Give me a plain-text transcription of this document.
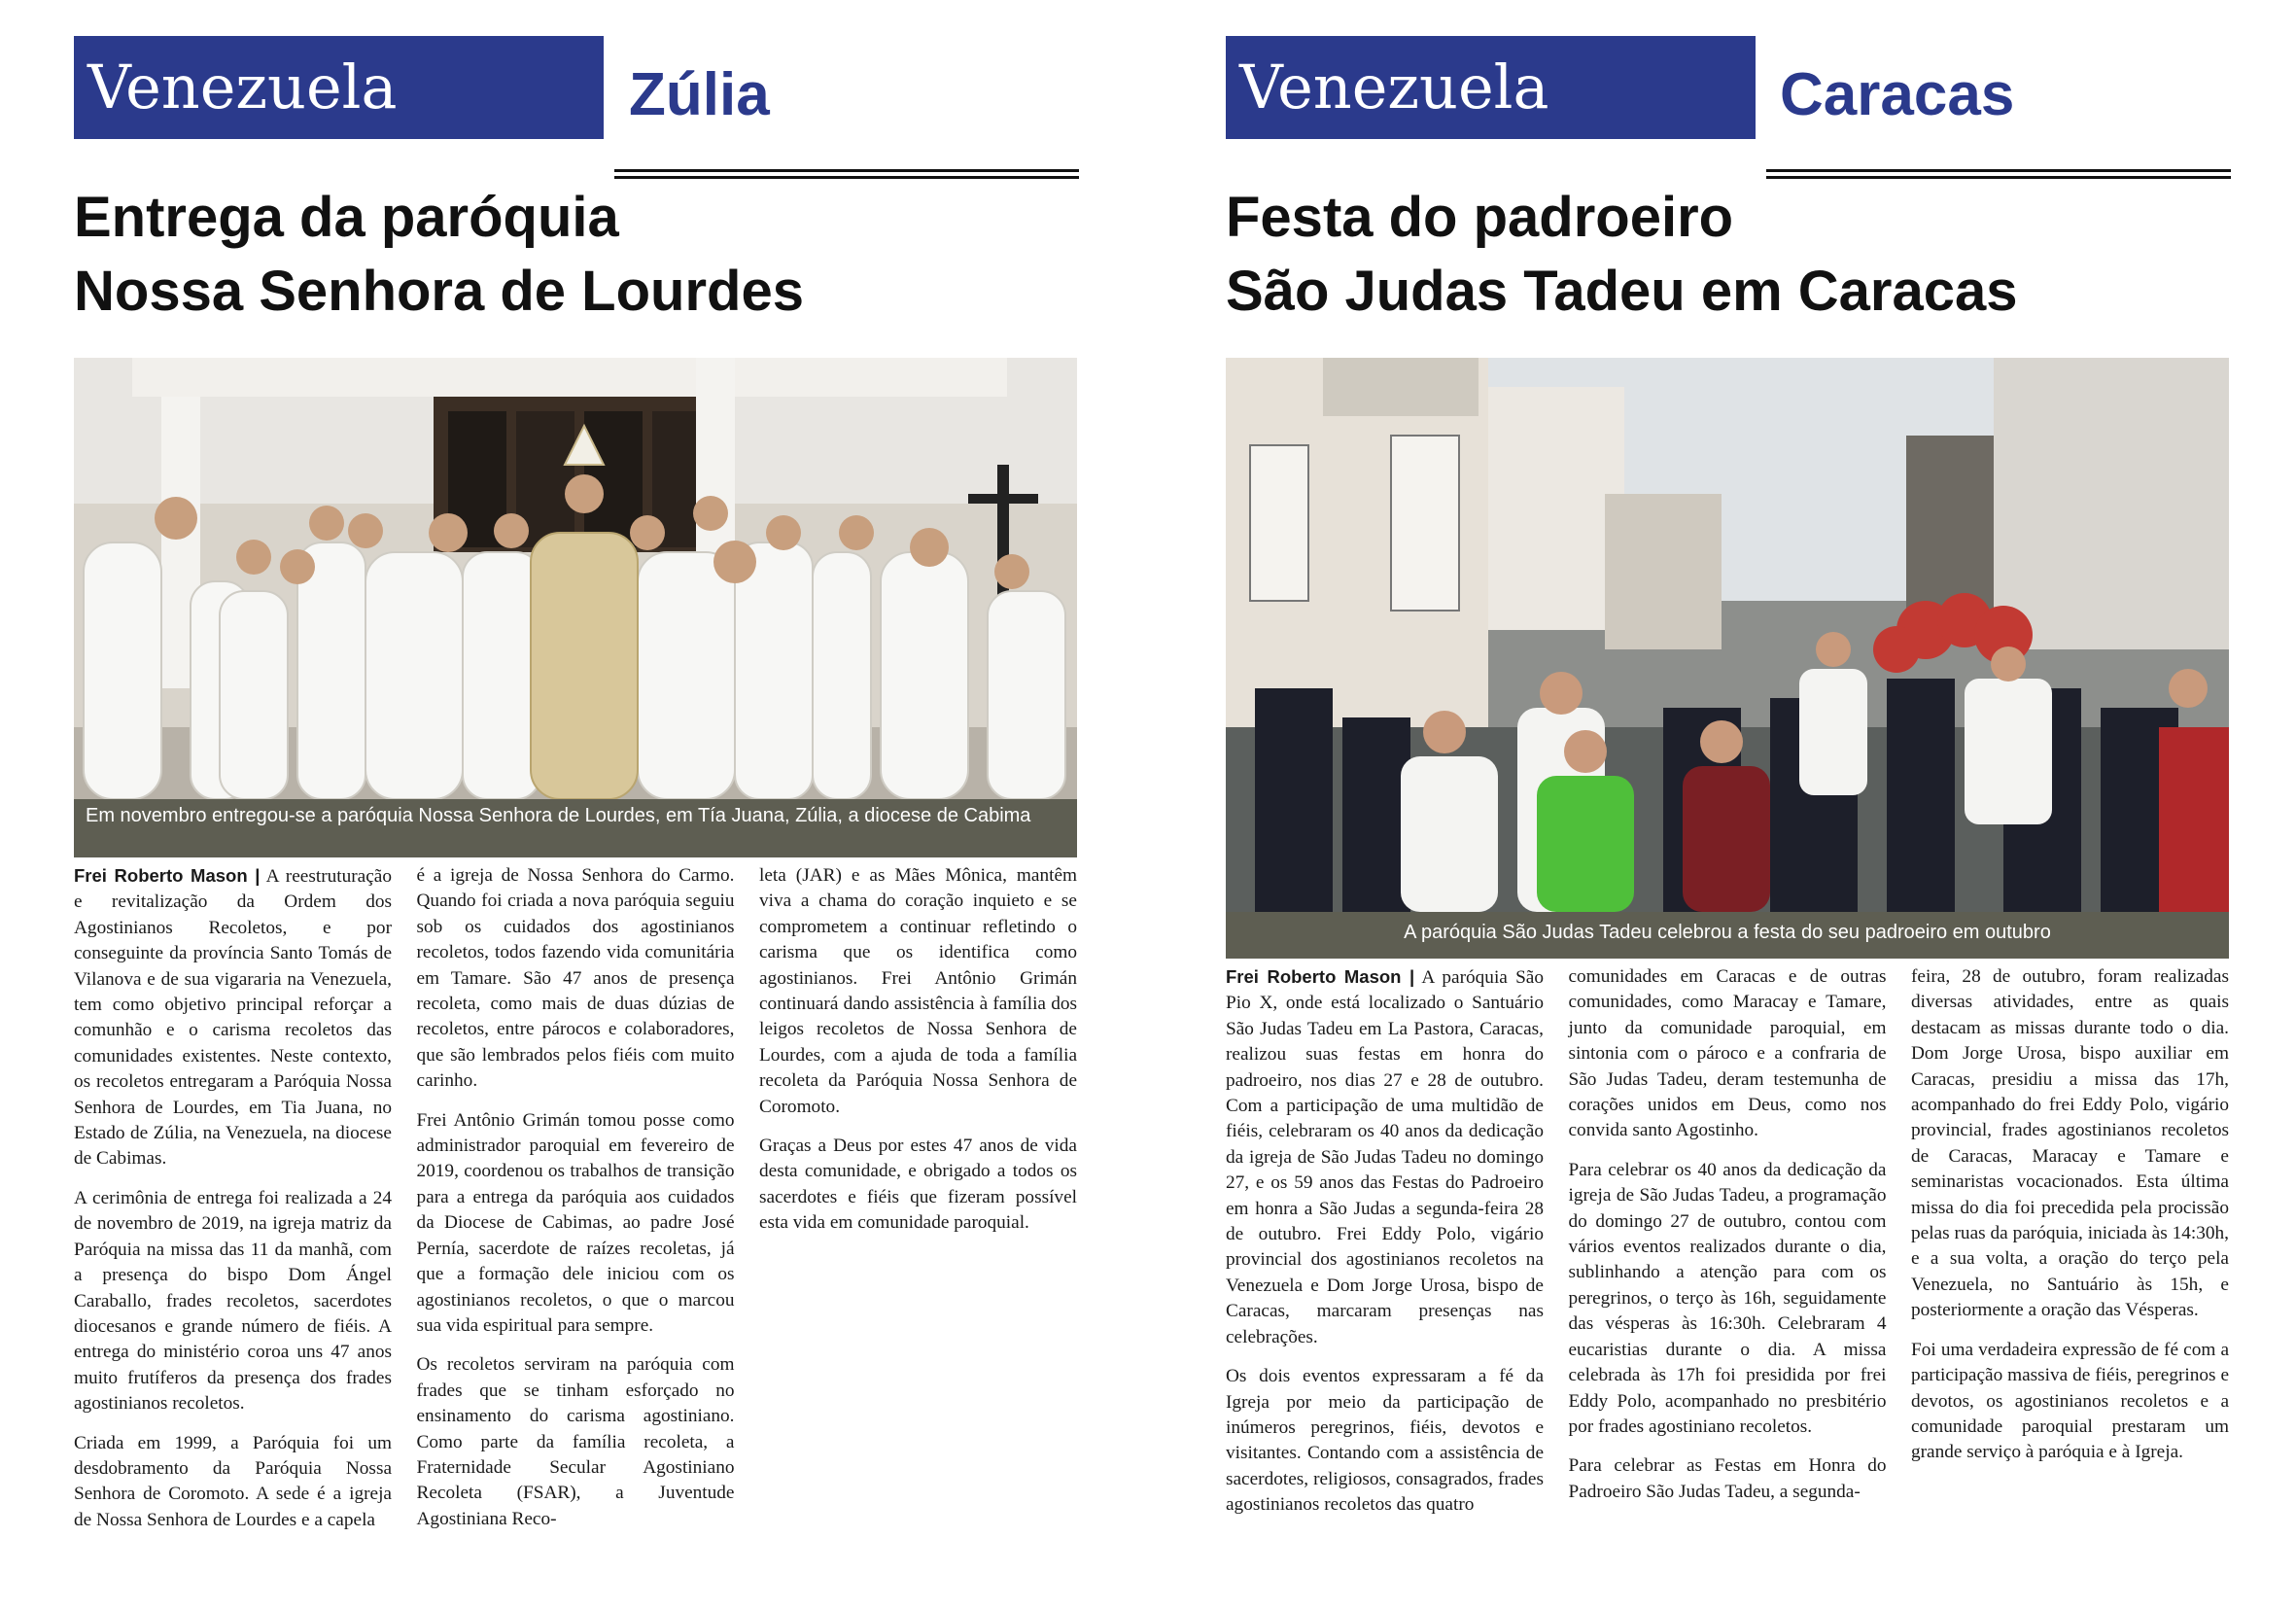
Venezuela	Zúlia
Entrega da paróquia
Nossa Senhora de Lourdes
Em novembro entregou-se a paróquia Nossa Senhora de Lourdes, em Tía Juana, Zúlia, a diocese de Cabima

Frei Roberto Mason | A reestruturação e revitalização da Ordem dos Agostinianos Recoletos, e por conseguinte da província Santo Tomás de Vilanova e de sua vigararia na Venezuela, tem como objetivo principal reforçar a comunhão e o carisma recoletos das comunidades existentes. Neste contexto, os recoletos entregaram a Paróquia Nossa Senhora de Lourdes, em Tia Juana, no Estado de Zúlia, na Venezuela, na diocese de Cabimas.

A cerimônia de entrega foi realizada a 24 de novembro de 2019, na igreja matriz da Paróquia na missa das 11 da manhã, com a presença do bispo Dom Ángel Caraballo, frades recoletos, sacerdotes diocesanos e grande número de fiéis. A entrega do ministério coroa uns 47 anos muito frutíferos da presença dos frades agostinianos recoletos.

Criada em 1999, a Paróquia foi um desdobramento da Paróquia Nossa Senhora de Coromoto. A sede é a igreja de Nossa Senhora de Lourdes e a capela

é a igreja de Nossa Senhora do Carmo. Quando foi criada a nova paróquia seguiu sob os cuidados dos agostinianos recoletos, todos fazendo vida comunitária em Tamare. São 47 anos de presença recoleta, como mais de duas dúzias de recoletos, entre párocos e colaboradores, que são lembrados pelos fiéis com muito carinho.

Frei Antônio Grimán tomou posse como administrador paroquial em fevereiro de 2019, coordenou os trabalhos de transição para a entrega da paróquia aos cuidados da Diocese de Cabimas, ao padre José Pernía, sacerdote de raízes recoletas, já que a formação dele iniciou com os agostinianos recoletos, o que o marcou sua vida espiritual para sempre.

Os recoletos serviram na paróquia com frades que se tinham esforçado no ensinamento do carisma agostiniano. Como parte da família recoleta, a Fraternidade Secular Agostiniano Recoleta (FSAR), a Juventude Agostiniana Reco-

leta (JAR) e as Mães Mônica, mantêm viva a chama do coração inquieto e se comprometem a continuar refletindo o carisma que os identifica como agostinianos. Frei Antônio Grimán continuará dando assistência à família dos leigos recoletos de Nossa Senhora de Lourdes, com a ajuda de toda a família recoleta da Paróquia Nossa Senhora de Coromoto.

Graças a Deus por estes 47 anos de vida desta comunidade, e obrigado a todos os sacerdotes e fiéis que fizeram possível esta vida em comunidade paroquial.

Venezuela	Caracas
Festa do padroeiro
São Judas Tadeu em Caracas
A paróquia São Judas Tadeu celebrou a festa do seu padroeiro em outubro

Frei Roberto Mason | A paróquia São Pio X, onde está localizado o Santuário São Judas Tadeu em La Pastora, Caracas, realizou suas festas em honra do padroeiro, nos dias 27 e 28 de outubro. Com a participação de uma multidão de fiéis, celebraram os 40 anos da dedicação da igreja de São Judas Tadeu no domingo 27, e os 59 anos das Festas do Padroeiro em honra a São Judas a segunda-feira 28 de outubro. Frei Eddy Polo, vigário provincial dos agostinianos recoletos na Venezuela e Dom Jorge Urosa, bispo de Caracas, marcaram presenças nas celebrações.

Os dois eventos expressaram a fé da Igreja por meio da participação de inúmeros peregrinos, fiéis, devotos e visitantes. Contando com a assistência de sacerdotes, religiosos, consagrados, frades agostinianos recoletos das quatro

comunidades em Caracas e de outras comunidades, como Maracay e Tamare, junto da comunidade paroquial, em sintonia com o pároco e a confraria de São Judas Tadeu, deram testemunha de corações unidos em Deus, como nos convida santo Agostinho.

Para celebrar os 40 anos da dedicação da igreja de São Judas Tadeu, a programação do domingo 27 de outubro, contou com vários eventos realizados durante o dia, sublinhando a atenção para com os peregrinos, o terço às 16h, seguidamente das vésperas às 16:30h. Celebraram 4 eucaristias durante o dia. A missa celebrada às 17h foi presidida por frei Eddy Polo, acompanhado no presbitério por frades agostiniano recoletos.

Para celebrar as Festas em Honra do Padroeiro São Judas Tadeu, a segunda-

feira, 28 de outubro, foram realizadas diversas atividades, entre as quais destacam as missas durante todo o dia. Dom Jorge Urosa, bispo auxiliar em Caracas, presidiu a missa das 17h, acompanhado do frei Eddy Polo, vigário provincial, frades agostinianos recoletos de Caracas, Maracay e Tamare e seminaristas vocacionados. Esta última missa do dia foi precedida pela procissão pelas ruas da paróquia, iniciada às 14:30h, e a sua volta, a oração do terço pela Venezuela, no Santuário às 15h, e posteriormente a oração das Vésperas.

Foi uma verdadeira expressão de fé com a participação massiva de fiéis, peregrinos e devotos, os agostinianos recoletos e a comunidade paroquial prestaram um grande serviço à paróquia e à Igreja.
